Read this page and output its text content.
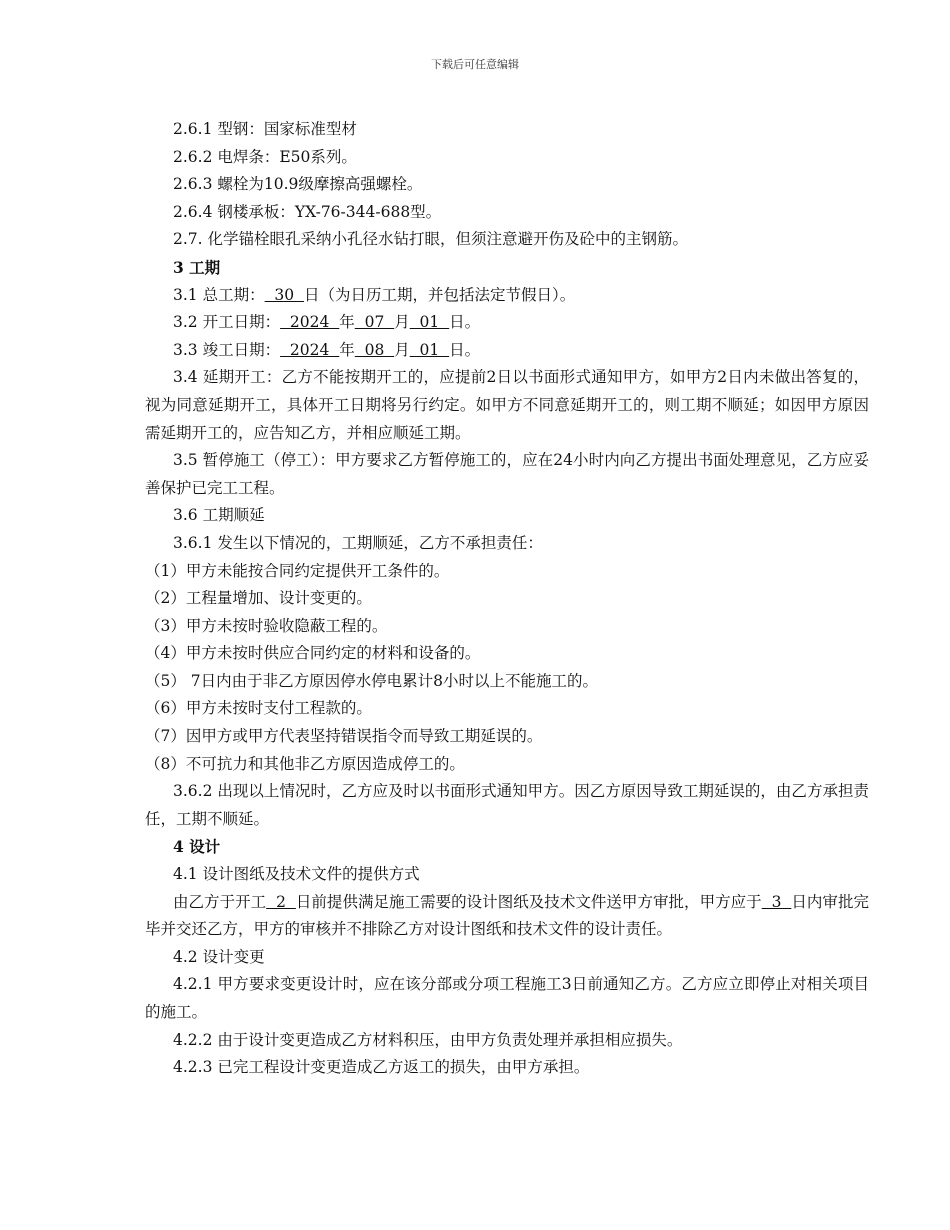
下载后可任意编辑
2.6.1 型钢：国家标准型材
2.6.2 电焊条：E50系列。
2.6.3 螺栓为10.9级摩擦高强螺栓。
2.6.4 钢楼承板：YX-76-344-688型。
2.7. 化学锚栓眼孔采纳小孔径水钻打眼，但须注意避开伤及砼中的主钢筋。
3 工期
3.1 总工期：  30  日（为日历工期，并包括法定节假日）。
3.2 开工日期：  2024  年  07  月  01  日。
3.3 竣工日期：  2024  年  08  月  01  日。
3.4 延期开工：乙方不能按期开工的，应提前2日以书面形式通知甲方，如甲方2日内未做出答复的，视为同意延期开工，具体开工日期将另行约定。如甲方不同意延期开工的，则工期不顺延；如因甲方原因需延期开工的，应告知乙方，并相应顺延工期。
3.5 暂停施工（停工）：甲方要求乙方暂停施工的，应在24小时内向乙方提出书面处理意见，乙方应妥善保护已完工工程。
3.6 工期顺延
3.6.1 发生以下情况的，工期顺延，乙方不承担责任：
（1）甲方未能按合同约定提供开工条件的。
（2）工程量增加、设计变更的。
（3）甲方未按时验收隐蔽工程的。
（4）甲方未按时供应合同约定的材料和设备的。
（5） 7日内由于非乙方原因停水停电累计8小时以上不能施工的。
（6）甲方未按时支付工程款的。
（7）因甲方或甲方代表坚持错误指令而导致工期延误的。
（8）不可抗力和其他非乙方原因造成停工的。
3.6.2 出现以上情况时，乙方应及时以书面形式通知甲方。因乙方原因导致工期延误的，由乙方承担责任，工期不顺延。
4 设计
4.1 设计图纸及技术文件的提供方式
由乙方于开工  2  日前提供满足施工需要的设计图纸及技术文件送甲方审批，甲方应于  3  日内审批完毕并交还乙方，甲方的审核并不排除乙方对设计图纸和技术文件的设计责任。
4.2 设计变更
4.2.1 甲方要求变更设计时，应在该分部或分项工程施工3日前通知乙方。乙方应立即停止对相关项目的施工。
4.2.2 由于设计变更造成乙方材料积压，由甲方负责处理并承担相应损失。
4.2.3 已完工程设计变更造成乙方返工的损失，由甲方承担。
